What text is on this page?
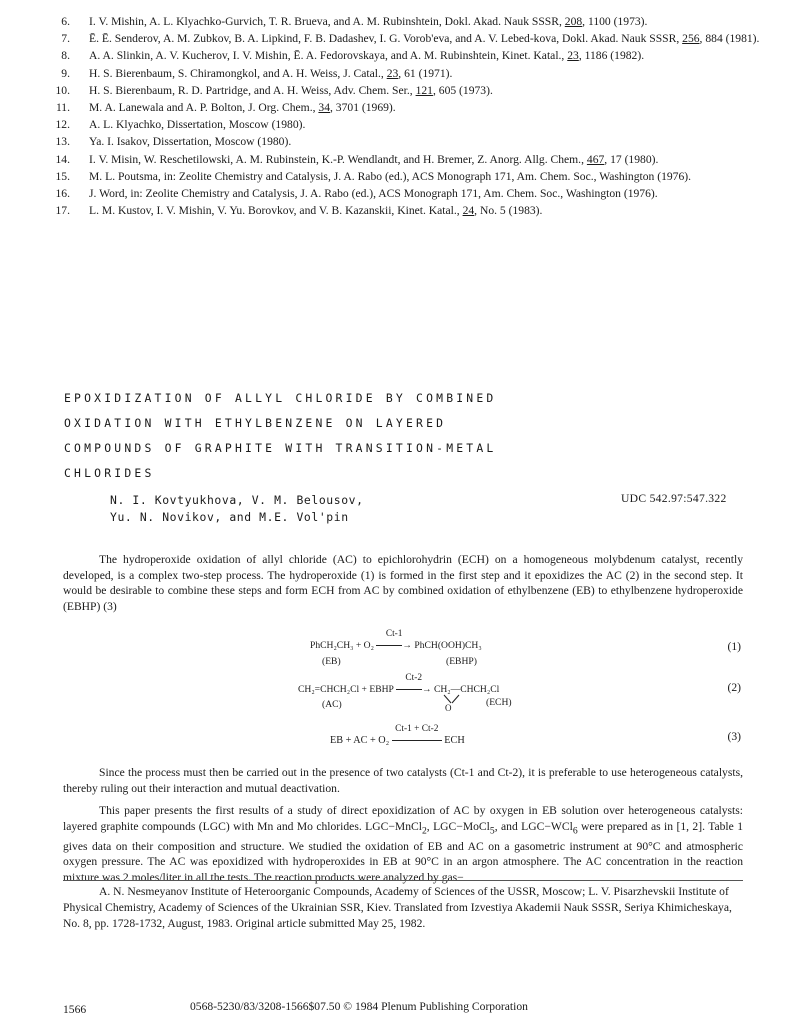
6. I. V. Mishin, A. L. Klyachko-Gurvich, T. R. Brueva, and A. M. Rubinshtein, Dokl. Akad. Nauk SSSR, 208, 1100 (1973).
7. Ē. Ē. Senderov, A. M. Zubkov, B. A. Lipkind, F. B. Dadashev, I. G. Vorob'eva, and A. V. Lebed-kova, Dokl. Akad. Nauk SSSR, 256, 884 (1981).
8. A. A. Slinkin, A. V. Kucherov, I. V. Mishin, Ē. A. Fedorovskaya, and A. M. Rubinshtein, Kinet. Katal., 23, 1186 (1982).
9. H. S. Bierenbaum, S. Chiramongkol, and A. H. Weiss, J. Catal., 23, 61 (1971).
10. H. S. Bierenbaum, R. D. Partridge, and A. H. Weiss, Adv. Chem. Ser., 121, 605 (1973).
11. M. A. Lanewala and A. P. Bolton, J. Org. Chem., 34, 3701 (1969).
12. A. L. Klyachko, Dissertation, Moscow (1980).
13. Ya. I. Isakov, Dissertation, Moscow (1980).
14. I. V. Misin, W. Reschetilowski, A. M. Rubinstein, K.-P. Wendlandt, and H. Bremer, Z. Anorg. Allg. Chem., 467, 17 (1980).
15. M. L. Poutsma, in: Zeolite Chemistry and Catalysis, J. A. Rabo (ed.), ACS Monograph 171, Am. Chem. Soc., Washington (1976).
16. J. Word, in: Zeolite Chemistry and Catalysis, J. A. Rabo (ed.), ACS Monograph 171, Am. Chem. Soc., Washington (1976).
17. L. M. Kustov, I. V. Mishin, V. Yu. Borovkov, and V. B. Kazanskii, Kinet. Katal., 24, No. 5 (1983).
EPOXIDIZATION OF ALLYL CHLORIDE BY COMBINED
OXIDATION WITH ETHYLBENZENE ON LAYERED
COMPOUNDS OF GRAPHITE WITH TRANSITION-METAL
CHLORIDES
N. I. Kovtyukhova, V. M. Belousov,
Yu. N. Novikov, and M.E. Vol'pin
UDC 542.97:547.322
The hydroperoxide oxidation of allyl chloride (AC) to epichlorohydrin (ECH) on a homogeneous molybdenum catalyst, recently developed, is a complex two-step process. The hydroperoxide (1) is formed in the first step and it epoxidizes the AC (2) in the second step. It would be desirable to combine these steps and form ECH from AC by combined oxidation of ethylbenzene (EB) to ethylbenzene hydroperoxide (EBHP) (3)
PhCH₂CH₃ + O₂
Ct-1
→ PhCH(OOH)CH₃
(EB)	(EBHP)
(1)
CH₂=CHCH₂Cl + EBHP
Ct-2
→ CH₂—CHCH₂Cl
O
(AC)	(ECH)
(2)
EB + AC + O₂
Ct-1 + Ct-2
ECH	(3)
Since the process must then be carried out in the presence of two catalysts (Ct-1 and Ct-2), it is preferable to use heterogeneous catalysts, thereby ruling out their interaction and mutual deactivation.
This paper presents the first results of a study of direct epoxidization of AC by oxygen in EB solution over heterogeneous catalysts: layered graphite compounds (LGC) with Mn and Mo chlorides. LGC−MnCl$_2$, LGC−MoCl$_5$, and LGC−WCl$_6$ were prepared as in [1, 2]. Table 1 gives data on their composition and structure. We studied the oxidation of EB and AC on a gasometric instrument at 90°C and atmospheric oxygen pressure. The AC was epoxidized with hydroperoxides in EB at 90°C in an argon atmosphere. The AC concentration in the reaction mixture was 2 moles/liter in all the tests. The reaction products were analyzed by gas−
A. N. Nesmeyanov Institute of Heteroorganic Compounds, Academy of Sciences of the USSR, Moscow; L. V. Pisarzhevskii Institute of Physical Chemistry, Academy of Sciences of the Ukrainian SSR, Kiev. Translated from Izvestiya Akademii Nauk SSSR, Seriya Khimicheskaya, No. 8, pp. 1728-1732, August, 1983. Original article submitted May 25, 1982.
1566	0568-5230/83/3208-1566$07.50 © 1984 Plenum Publishing Corporation
